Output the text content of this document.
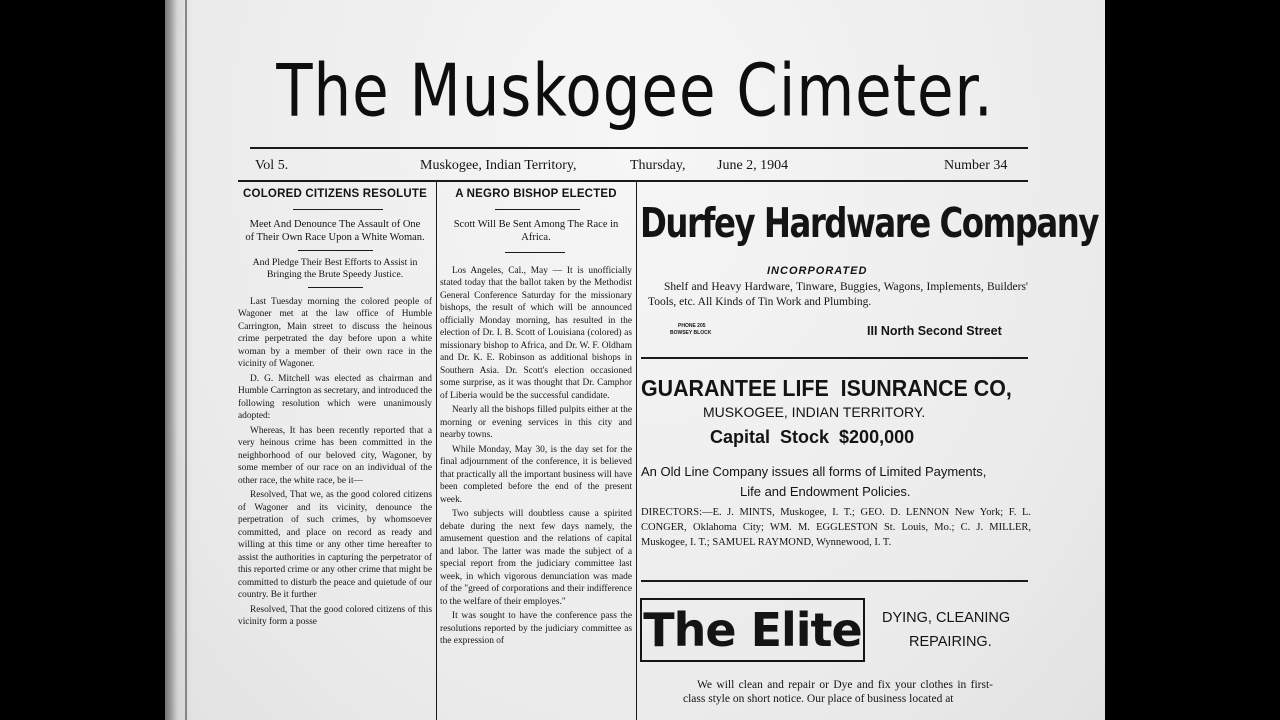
The Muskogee Cimeter.
Vol 5.	Muskogee, Indian Territory,	Thursday, June 2, 1904	Number 34
COLORED CITIZENS RESOLUTE
Meet And Denounce The Assault of One of Their Own Race Upon a White Woman.
And Pledge Their Best Efforts to Assist in Bringing the Brute Speedy Justice.

Last Tuesday morning the colored people of Wagoner met at the law office of Humble Carrington, Main street to discuss the heinous crime perpetrated the day before upon a white woman by a member of their own race in the vicinity of Wagoner.

D. G. Mitchell was elected as chairman and Humble Carrington as secretary, and introduced the following resolution which were unanimously adopted:

Whereas, It has been recently reported that a very heinous crime has been committed in the neighborhood of our beloved city, Wagoner, by some member of our race on an individual of the other race, the white race, be it—

Resolved, That we, as the good colored citizens of Wagoner and its vicinity, denounce the perpetration of such crimes, by whomsoever committed, and place on record as ready and willing at this time or any other time hereafter to assist the authorities in capturing the perpetrator of this reported crime or any other crime that might be committed to disturb the peace and quietude of our country. Be it further

Resolved, That the good colored citizens of this vicinity form a posse

A NEGRO BISHOP ELECTED
Scott Will Be Sent Among The Race in Africa.

Los Angeles, Cal., May — It is unofficially stated today that the ballot taken by the Methodist General Conference Saturday for the missionary bishops, the result of which will be announced officially Monday morning, has resulted in the election of Dr. I. B. Scott of Louisiana (colored) as missionary bishop to Africa, and Dr. W. F. Oldham and Dr. K. E. Robinson as additional bishops in Southern Asia. Dr. Scott's election occasioned some surprise, as it was thought that Dr. Camphor of Liberia would be the successful candidate.

Nearly all the bishops filled pulpits either at the morning or evening services in this city and nearby towns.

While Monday, May 30, is the day set for the final adjournment of the conference, it is believed that practically all the important business will have been completed before the end of the present week.

Two subjects will doubtless cause a spirited debate during the next few days namely, the amusement question and the relations of capital and labor. The latter was made the subject of a special report from the judiciary committee last week, in which vigorous denunciation was made of the "greed of corporations and their indifference to the welfare of their employes."

It was sought to have the conference pass the resolutions reported by the judiciary committee as the expression of

Durfey Hardware Company
INCORPORATED
Shelf and Heavy Hardware, Tinware, Buggies, Wagons, Implements, Builders' Tools, etc. All Kinds of Tin Work and Plumbing.
PHONE 205
BOWSEY BLOCK	III North Second Street
GUARANTEE LIFE  ISUNRANCE CO,
MUSKOGEE, INDIAN TERRITORY.
Capital  Stock  $200,000
An Old Line Company issues all forms of Limited Payments,
Life and Endowment Policies.
DIRECTORS:—E. J. MINTS, Muskogee, I. T.; GEO. D. LENNON New York; F. L. CONGER, Oklahoma City; WM. M. EGGLESTON St. Louis, Mo.; C. J. MILLER, Muskogee, I. T.; SAMUEL RAYMOND, Wynnewood, I. T.
The Elite DYING, CLEANING
REPAIRING.
We will clean and repair or Dye and fix your clothes in first-class style on short notice. Our place of business located at
